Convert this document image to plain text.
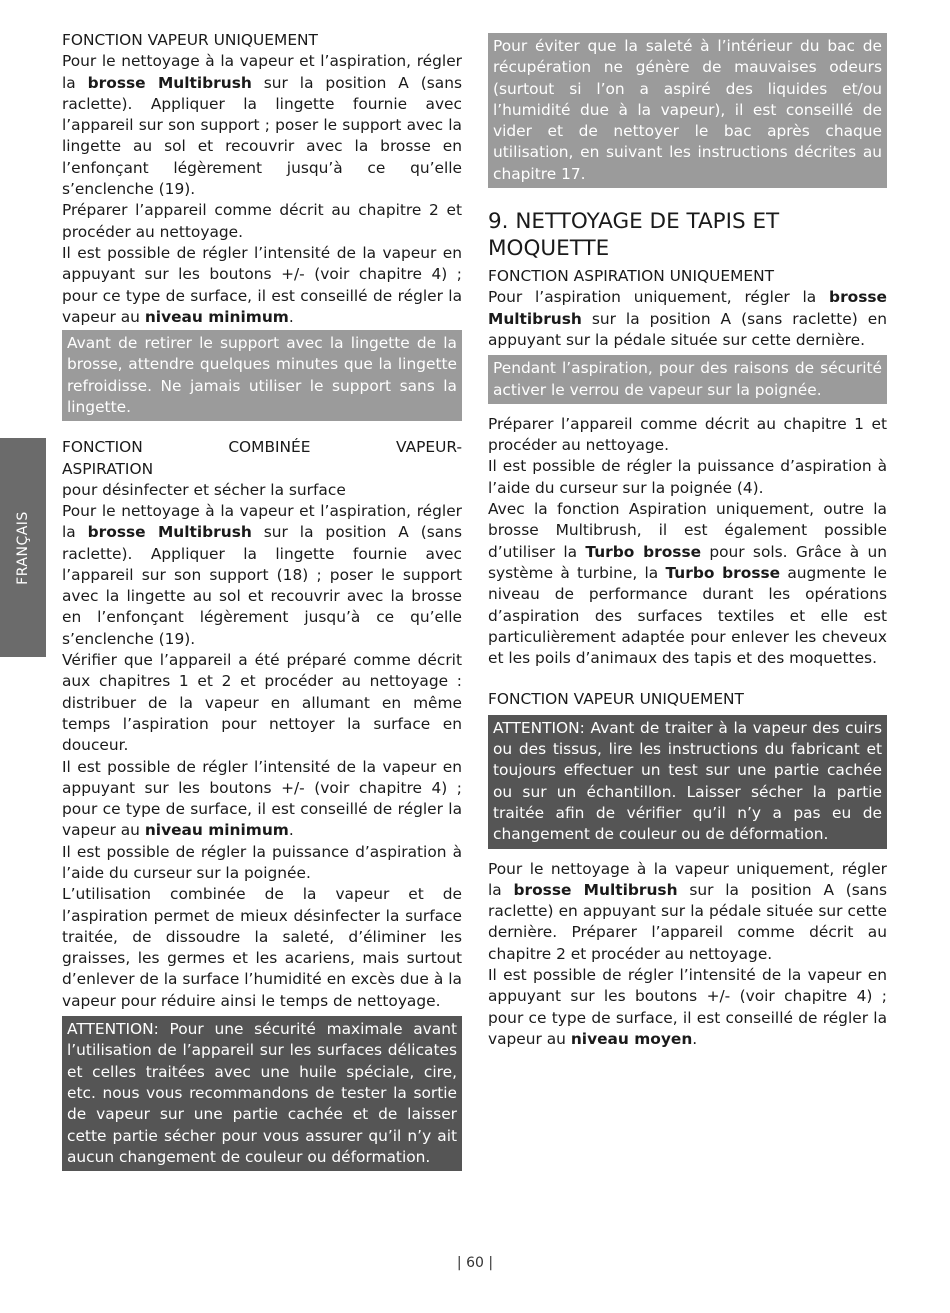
FRANÇAIS
FONCTION VAPEUR UNIQUEMENT

Pour le nettoyage à la vapeur et l’aspiration, régler la brosse Multibrush sur la position A (sans raclette). Appliquer la lingette fournie avec l’appareil sur son support ; poser le support avec la lingette au sol et recouvrir avec la brosse en l’enfonçant légèrement jusqu’à ce qu’elle s’enclenche (19).

Préparer l’appareil comme décrit au chapitre 2 et procéder au nettoyage.

Il est possible de régler l’intensité de la vapeur en appuyant sur les boutons +/- (voir chapitre 4) ; pour ce type de surface, il est conseillé de régler la vapeur au niveau minimum.

Avant de retirer le support avec la lingette de la brosse, attendre quelques minutes que la lingette refroidisse. Ne jamais utiliser le support sans la lingette.
FONCTION	COMBINÉE	VAPEUR-
ASPIRATION
pour désinfecter et sécher la surface

Pour le nettoyage à la vapeur et l’aspiration, régler la brosse Multibrush sur la position A (sans raclette). Appliquer la lingette fournie avec l’appareil sur son support (18) ; poser le support avec la lingette au sol et recouvrir avec la brosse en l’enfonçant légèrement jusqu’à ce qu’elle s’enclenche (19).

Vérifier que l’appareil a été préparé comme décrit aux chapitres 1 et 2 et procéder au nettoyage : distribuer de la vapeur en allumant en même temps l’aspiration pour nettoyer la surface en douceur.

Il est possible de régler l’intensité de la vapeur en appuyant sur les boutons +/- (voir chapitre 4) ; pour ce type de surface, il est conseillé de régler la vapeur au niveau minimum.

Il est possible de régler la puissance d’aspiration à l’aide du curseur sur la poignée.

L’utilisation combinée de la vapeur et de l’aspiration permet de mieux désinfecter la surface traitée, de dissoudre la saleté, d’éliminer les graisses, les germes et les acariens, mais surtout d’enlever de la surface l’humidité en excès due à la vapeur pour réduire ainsi le temps de nettoyage.

ATTENTION: Pour une sécurité maximale avant l’utilisation de l’appareil sur les surfaces délicates et celles traitées avec une huile spéciale, cire, etc. nous vous recommandons de tester la sortie de vapeur sur une partie cachée et de laisser cette partie sécher pour vous assurer qu’il n’y ait aucun changement de couleur ou déformation.
Pour éviter que la saleté à l’intérieur du bac de récupération ne génère de mauvaises odeurs (surtout si l’on a aspiré des liquides et/ou l’humidité due à la vapeur), il est conseillé de vider et de nettoyer le bac après chaque utilisation, en suivant les instructions décrites au chapitre 17.
9. NETTOYAGE DE TAPIS ET MOQUETTE
FONCTION ASPIRATION UNIQUEMENT

Pour l’aspiration uniquement, régler la brosse Multibrush sur la position A (sans raclette) en appuyant sur la pédale située sur cette dernière.

Pendant l’aspiration, pour des raisons de sécurité activer le verrou de vapeur sur la poignée.

Préparer l’appareil comme décrit au chapitre 1 et procéder au nettoyage.

Il est possible de régler la puissance d’aspiration à l’aide du curseur sur la poignée (4).

Avec la fonction Aspiration uniquement, outre la brosse Multibrush, il est également possible d’utiliser la Turbo brosse pour sols. Grâce à un système à turbine, la Turbo brosse augmente le niveau de performance durant les opérations d’aspiration des surfaces textiles et elle est particulièrement adaptée pour enlever les cheveux et les poils d’animaux des tapis et des moquettes.

FONCTION VAPEUR UNIQUEMENT
ATTENTION: Avant de traiter à la vapeur des cuirs ou des tissus, lire les instructions du fabricant et toujours effectuer un test sur une partie cachée ou sur un échantillon. Laisser sécher la partie traitée afin de vérifier qu’il n’y a pas eu de changement de couleur ou de déformation.

Pour le nettoyage à la vapeur uniquement, régler la brosse Multibrush sur la position A (sans raclette) en appuyant sur la pédale située sur cette dernière. Préparer l’appareil comme décrit au chapitre 2 et procéder au nettoyage.

Il est possible de régler l’intensité de la vapeur en appuyant sur les boutons +/- (voir chapitre 4) ; pour ce type de surface, il est conseillé de régler la vapeur au niveau moyen.

| 60 |
